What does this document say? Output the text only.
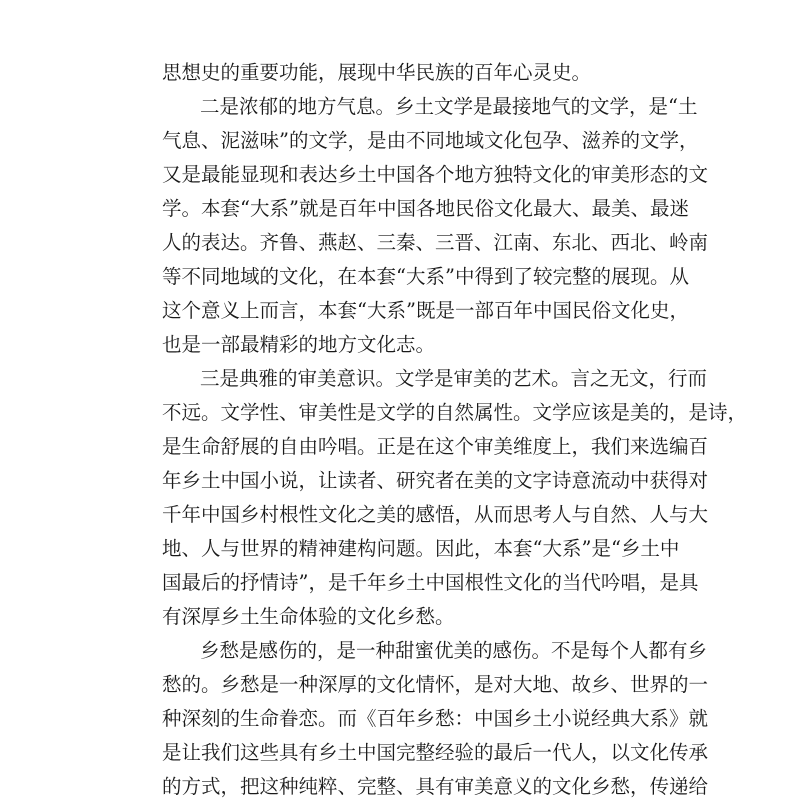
思想史的重要功能，展现中华民族的百年心灵史。
二是浓郁的地方气息。乡土文学是最接地气的文学，是“土
气息、泥滋味”的文学，是由不同地域文化包孕、滋养的文学，
又是最能显现和表达乡土中国各个地方独特文化的审美形态的文
学。本套“大系”就是百年中国各地民俗文化最大、最美、最迷
人的表达。齐鲁、燕赵、三秦、三晋、江南、东北、西北、岭南
等不同地域的文化，在本套“大系”中得到了较完整的展现。从
这个意义上而言，本套“大系”既是一部百年中国民俗文化史，
也是一部最精彩的地方文化志。
三是典雅的审美意识。文学是审美的艺术。言之无文，行而
不远。文学性、审美性是文学的自然属性。文学应该是美的，是诗，
是生命舒展的自由吟唱。正是在这个审美维度上，我们来选编百
年乡土中国小说，让读者、研究者在美的文字诗意流动中获得对
千年中国乡村根性文化之美的感悟，从而思考人与自然、人与大
地、人与世界的精神建构问题。因此，本套“大系”是“乡土中
国最后的抒情诗”，是千年乡土中国根性文化的当代吟唱，是具
有深厚乡土生命体验的文化乡愁。
乡愁是感伤的，是一种甜蜜优美的感伤。不是每个人都有乡
愁的。乡愁是一种深厚的文化情怀，是对大地、故乡、世界的一
种深刻的生命眷恋。而《百年乡愁：中国乡土小说经典大系》就
是让我们这些具有乡土中国完整经验的最后一代人，以文化传承
的方式，把这种纯粹、完整、具有审美意义的文化乡愁，传递给
